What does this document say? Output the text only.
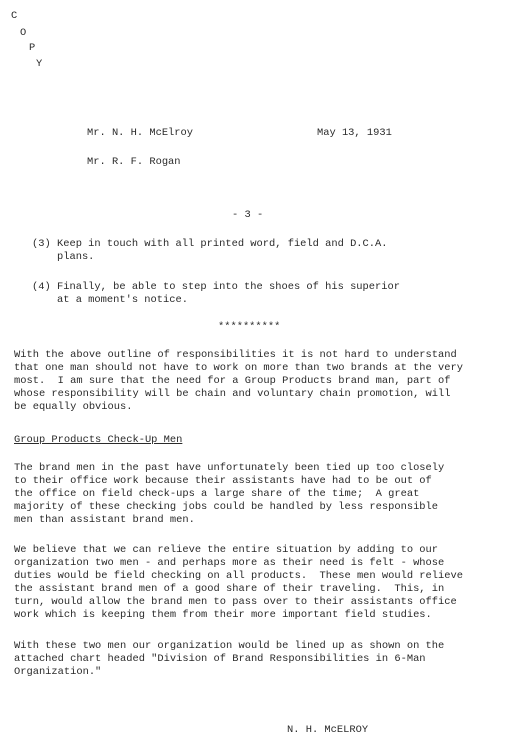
C
O
P
Y
Mr. N. H. McElroy	May 13, 1931
Mr. R. F. Rogan
- 3 -
(3) Keep in touch with all printed word, field and D.C.A.
plans.
(4) Finally, be able to step into the shoes of his superior
at a moment's notice.
**********
With the above outline of responsibilities it is not hard to understand
that one man should not have to work on more than two brands at the very
most.  I am sure that the need for a Group Products brand man, part of
whose responsibility will be chain and voluntary chain promotion, will
be equally obvious.
Group Products Check-Up Men
The brand men in the past have unfortunately been tied up too closely
to their office work because their assistants have had to be out of
the office on field check-ups a large share of the time;  A great
majority of these checking jobs could be handled by less responsible
men than assistant brand men.
We believe that we can relieve the entire situation by adding to our
organization two men - and perhaps more as their need is felt - whose
duties would be field checking on all products.  These men would relieve
the assistant brand men of a good share of their traveling.  This, in
turn, would allow the brand men to pass over to their assistants office
work which is keeping them from their more important field studies.
With these two men our organization would be lined up as shown on the
attached chart headed "Division of Brand Responsibilities in 6-Man
Organization."
N. H. McELROY
